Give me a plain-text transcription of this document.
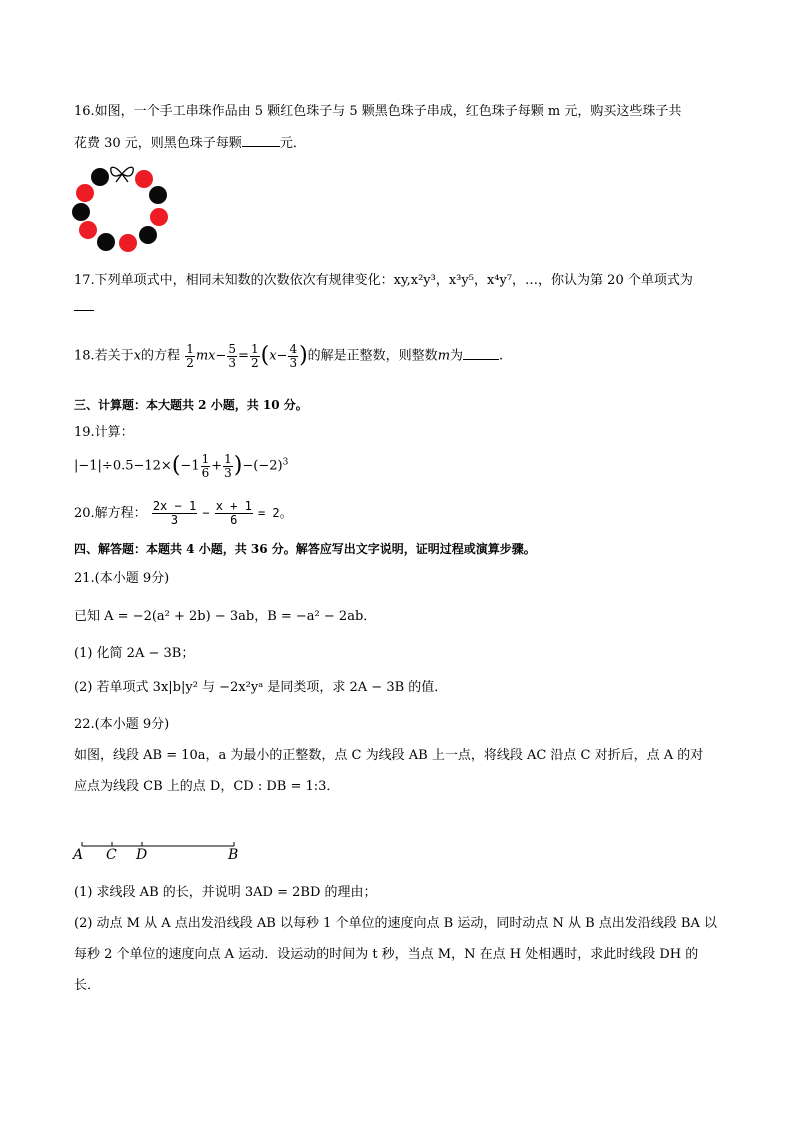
16.如图，一个手工串珠作品由 5 颗红色珠子与 5 颗黑色珠子串成，红色珠子每颗 m 元，购买这些珠子共
花费 30 元，则黑色珠子每颗	元．
17.下列单项式中，相同未知数的次数依次有规律变化：xy,x²y³，x³y⁵，x⁴y⁷，…，你认为第 20 个单项式为
18.若关于x的方程 $\frac{1}{2} mx- \frac{5}{3} = \frac{1}{2} (x- \frac{4}{3}$ )的解是正整数，则整数m为	.
三、计算题：本大题共 2 小题，共 10 分。
19.计算：
$|-1|\div 0.5-12\times(-1 \frac{1}{6} + \frac{1}{3} )-(-2)^3$
20.解方程： $\frac{2x - 1}{3} - \frac{x + 1}{6} = 2$。
四、解答题：本题共 4 小题，共 36 分。解答应写出文字说明，证明过程或演算步骤。
21.(本小题 9分)
已知 A = −2(a² + 2b) − 3ab，B = −a² − 2ab．
(1) 化简 2A − 3B；
(2) 若单项式 3x|b|y² 与 −2x²yᵃ 是同类项，求 2A − 3B 的值．
22.(本小题 9分)
如图，线段 AB = 10a，a 为最小的正整数，点 C 为线段 AB 上一点，将线段 AC 沿点 C 对折后，点 A 的对
应点为线段 CB 上的点 D，CD : DB = 1:3．
A C D	B
(1) 求线段 AB 的长，并说明 3AD = 2BD 的理由；
(2) 动点 M 从 A 点出发沿线段 AB 以每秒 1 个单位的速度向点 B 运动，同时动点 N 从 B 点出发沿线段 BA 以
每秒 2 个单位的速度向点 A 运动．设运动的时间为 t 秒，当点 M，N 在点 H 处相遇时，求此时线段 DH 的
长．
